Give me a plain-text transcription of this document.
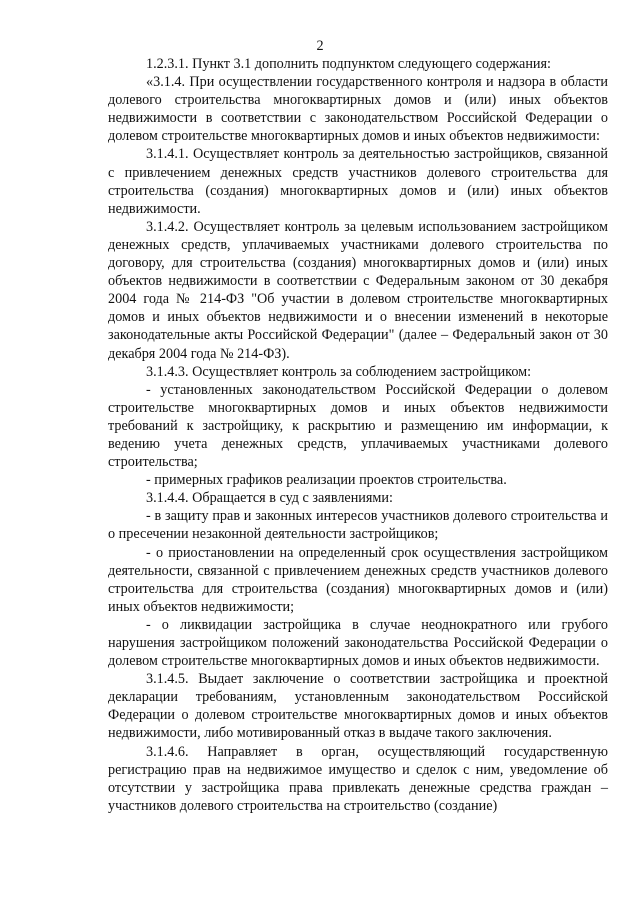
2

1.2.3.1. Пункт 3.1 дополнить подпунктом следующего содержания:

«3.1.4. При осуществлении государственного контроля и надзора в области долевого строительства многоквартирных домов и (или) иных объектов недвижимости в соответствии с законодательством Российской Федерации о долевом строительстве многоквартирных домов и иных объектов недвижимости:

3.1.4.1. Осуществляет контроль за деятельностью застройщиков, связанной с привлечением денежных средств участников долевого строительства для строительства (создания) многоквартирных домов и (или) иных объектов недвижимости.

3.1.4.2. Осуществляет контроль за целевым использованием застройщиком денежных средств, уплачиваемых участниками долевого строительства по договору, для строительства (создания) многоквартирных домов и (или) иных объектов недвижимости в соответствии с Федеральным законом от 30 декабря 2004 года № 214-ФЗ "Об участии в долевом строительстве многоквартирных домов и иных объектов недвижимости и о внесении изменений в некоторые законодательные акты Российской Федерации" (далее – Федеральный закон от 30 декабря 2004 года № 214-ФЗ).

3.1.4.3. Осуществляет контроль за соблюдением застройщиком:

- установленных законодательством Российской Федерации о долевом строительстве многоквартирных домов и иных объектов недвижимости требований к застройщику, к раскрытию и размещению им информации, к ведению учета денежных средств, уплачиваемых участниками долевого строительства;

- примерных графиков реализации проектов строительства.

3.1.4.4. Обращается в суд с заявлениями:

- в защиту прав и законных интересов участников долевого строительства и о пресечении незаконной деятельности застройщиков;

- о приостановлении на определенный срок осуществления застройщиком деятельности, связанной с привлечением денежных средств участников долевого строительства для строительства (создания) многоквартирных домов и (или) иных объектов недвижимости;

- о ликвидации застройщика в случае неоднократного или грубого нарушения застройщиком положений законодательства Российской Федерации о долевом строительстве многоквартирных домов и иных объектов недвижимости.

3.1.4.5. Выдает заключение о соответствии застройщика и проектной декларации требованиям, установленным законодательством Российской Федерации о долевом строительстве многоквартирных домов и иных объектов недвижимости, либо мотивированный отказ в выдаче такого заключения.

3.1.4.6. Направляет в орган, осуществляющий государственную регистрацию прав на недвижимое имущество и сделок с ним, уведомление об отсутствии у застройщика права привлекать денежные средства граждан – участников долевого строительства на строительство (создание)
